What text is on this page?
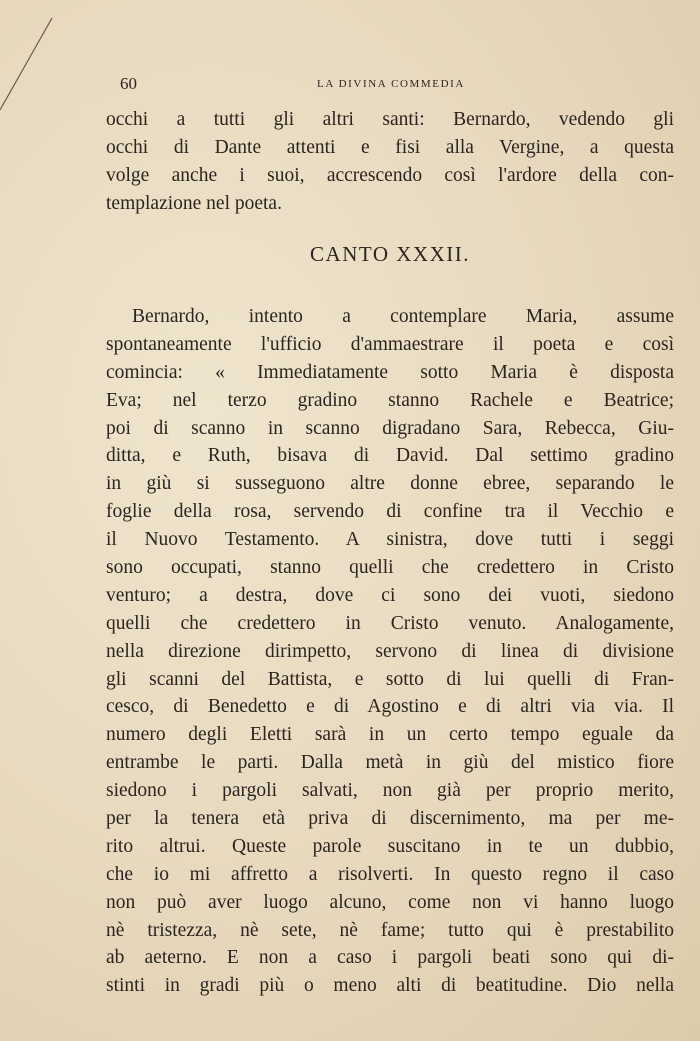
60	LA DIVINA COMMEDIA
occhi a tutti gli altri santi: Bernardo, vedendo gli
occhi di Dante attenti e fisi alla Vergine, a questa
volge anche i suoi, accrescendo così l'ardore della con-
templazione nel poeta.
CANTO XXXII.
Bernardo, intento a contemplare Maria, assume
spontaneamente l'ufficio d'ammaestrare il poeta e così
comincia: « Immediatamente sotto Maria è disposta
Eva; nel terzo gradino stanno Rachele e Beatrice;
poi di scanno in scanno digradano Sara, Rebecca, Giu-
ditta, e Ruth, bisava di David. Dal settimo gradino
in giù si susseguono altre donne ebree, separando le
foglie della rosa, servendo di confine tra il Vecchio e
il Nuovo Testamento. A sinistra, dove tutti i seggi
sono occupati, stanno quelli che credettero in Cristo
venturo; a destra, dove ci sono dei vuoti, siedono
quelli che credettero in Cristo venuto. Analogamente,
nella direzione dirimpetto, servono di linea di divisione
gli scanni del Battista, e sotto di lui quelli di Fran-
cesco, di Benedetto e di Agostino e di altri via via. Il
numero degli Eletti sarà in un certo tempo eguale da
entrambe le parti. Dalla metà in giù del mistico fiore
siedono i pargoli salvati, non già per proprio merito,
per la tenera età priva di discernimento, ma per me-
rito altrui. Queste parole suscitano in te un dubbio,
che io mi affretto a risolverti. In questo regno il caso
non può aver luogo alcuno, come non vi hanno luogo
nè tristezza, nè sete, nè fame; tutto qui è prestabilito
ab aeterno. E non a caso i pargoli beati sono qui di-
stinti in gradi più o meno alti di beatitudine. Dio nella
